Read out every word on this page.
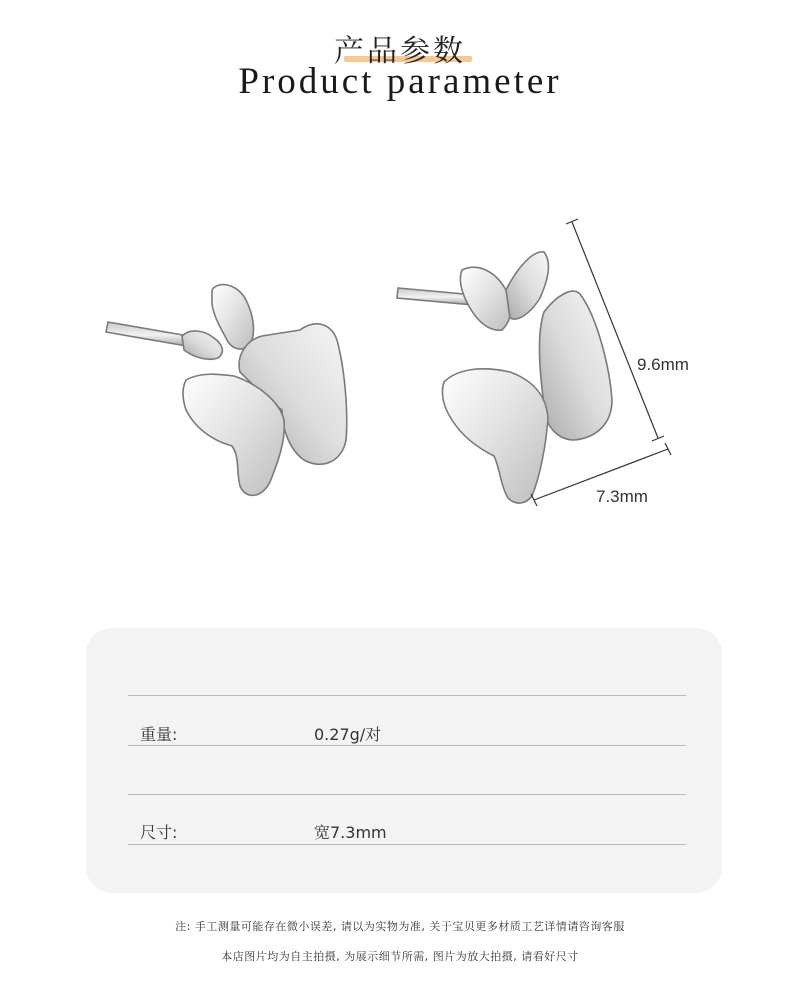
产品参数
Product parameter
9.6mm
7.3mm
重量:	0.27g/对
尺寸:	宽7.3mm
注: 手工测量可能存在微小误差, 请以为实物为准, 关于宝贝更多材质工艺详情请咨询客服
本店图片均为自主拍摄, 为展示细节所需, 图片为放大拍摄, 请看好尺寸
